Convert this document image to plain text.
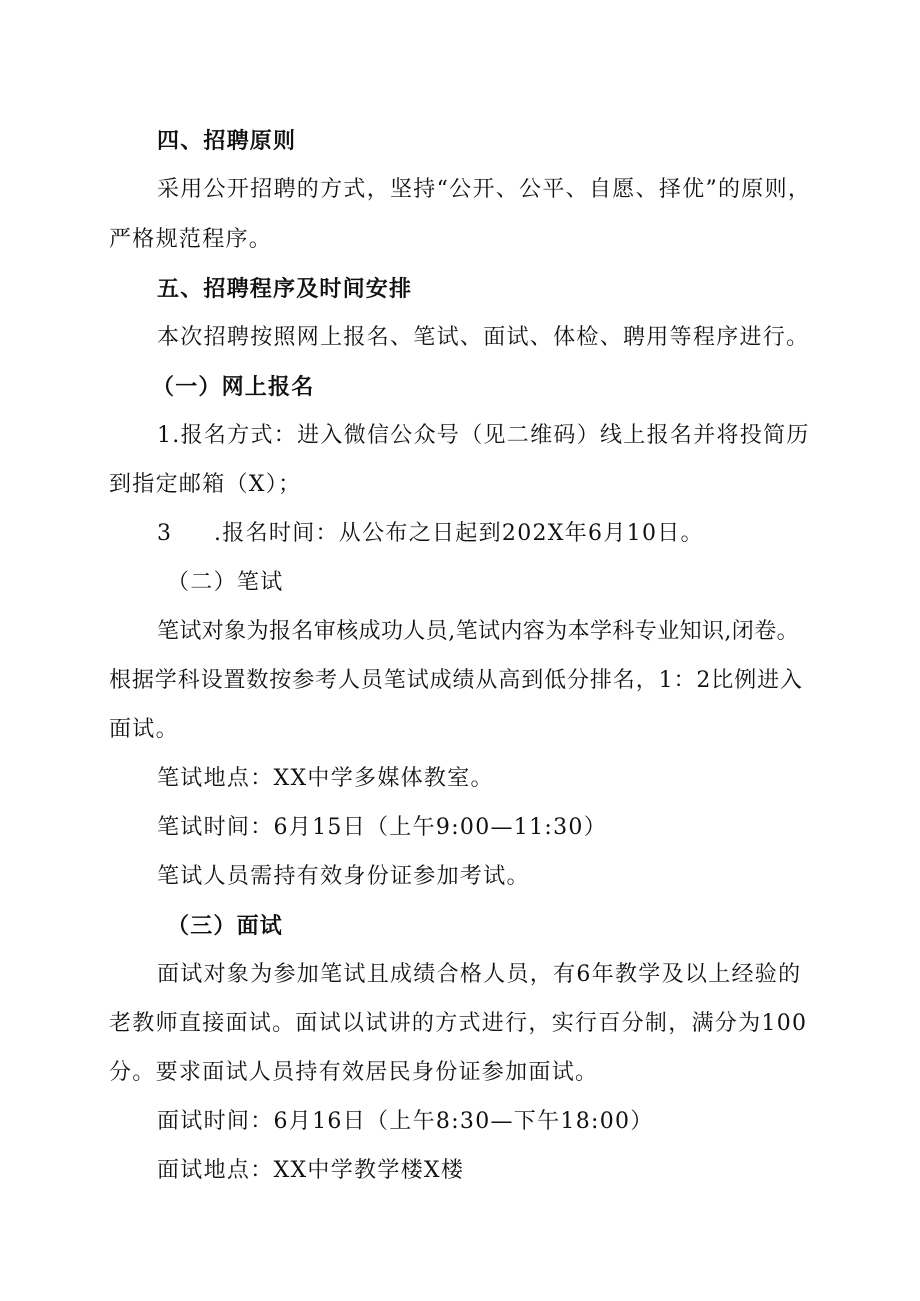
四、招聘原则
采用公开招聘的方式，坚持“公开、公平、自愿、择优”的原则，
严格规范程序。
五、招聘程序及时间安排
本次招聘按照网上报名、笔试、面试、体检、聘用等程序进行。
（一）网上报名
1.报名方式：进入微信公众号（见二维码）线上报名并将投简历
到指定邮箱（X）；
3 .报名时间：从公布之日起到202X年6月10日。
（二）笔试
笔试对象为报名审核成功人员,笔试内容为本学科专业知识,闭卷。
根据学科设置数按参考人员笔试成绩从高到低分排名，1：2比例进入
面试。
笔试地点：XX中学多媒体教室。
笔试时间：6月15日（上午9:00—11:30）
笔试人员需持有效身份证参加考试。
（三）面试
面试对象为参加笔试且成绩合格人员，有6年教学及以上经验的
老教师直接面试。面试以试讲的方式进行，实行百分制，满分为100
分。要求面试人员持有效居民身份证参加面试。
面试时间：6月16日（上午8:30—下午18:00）
面试地点：XX中学教学楼X楼
